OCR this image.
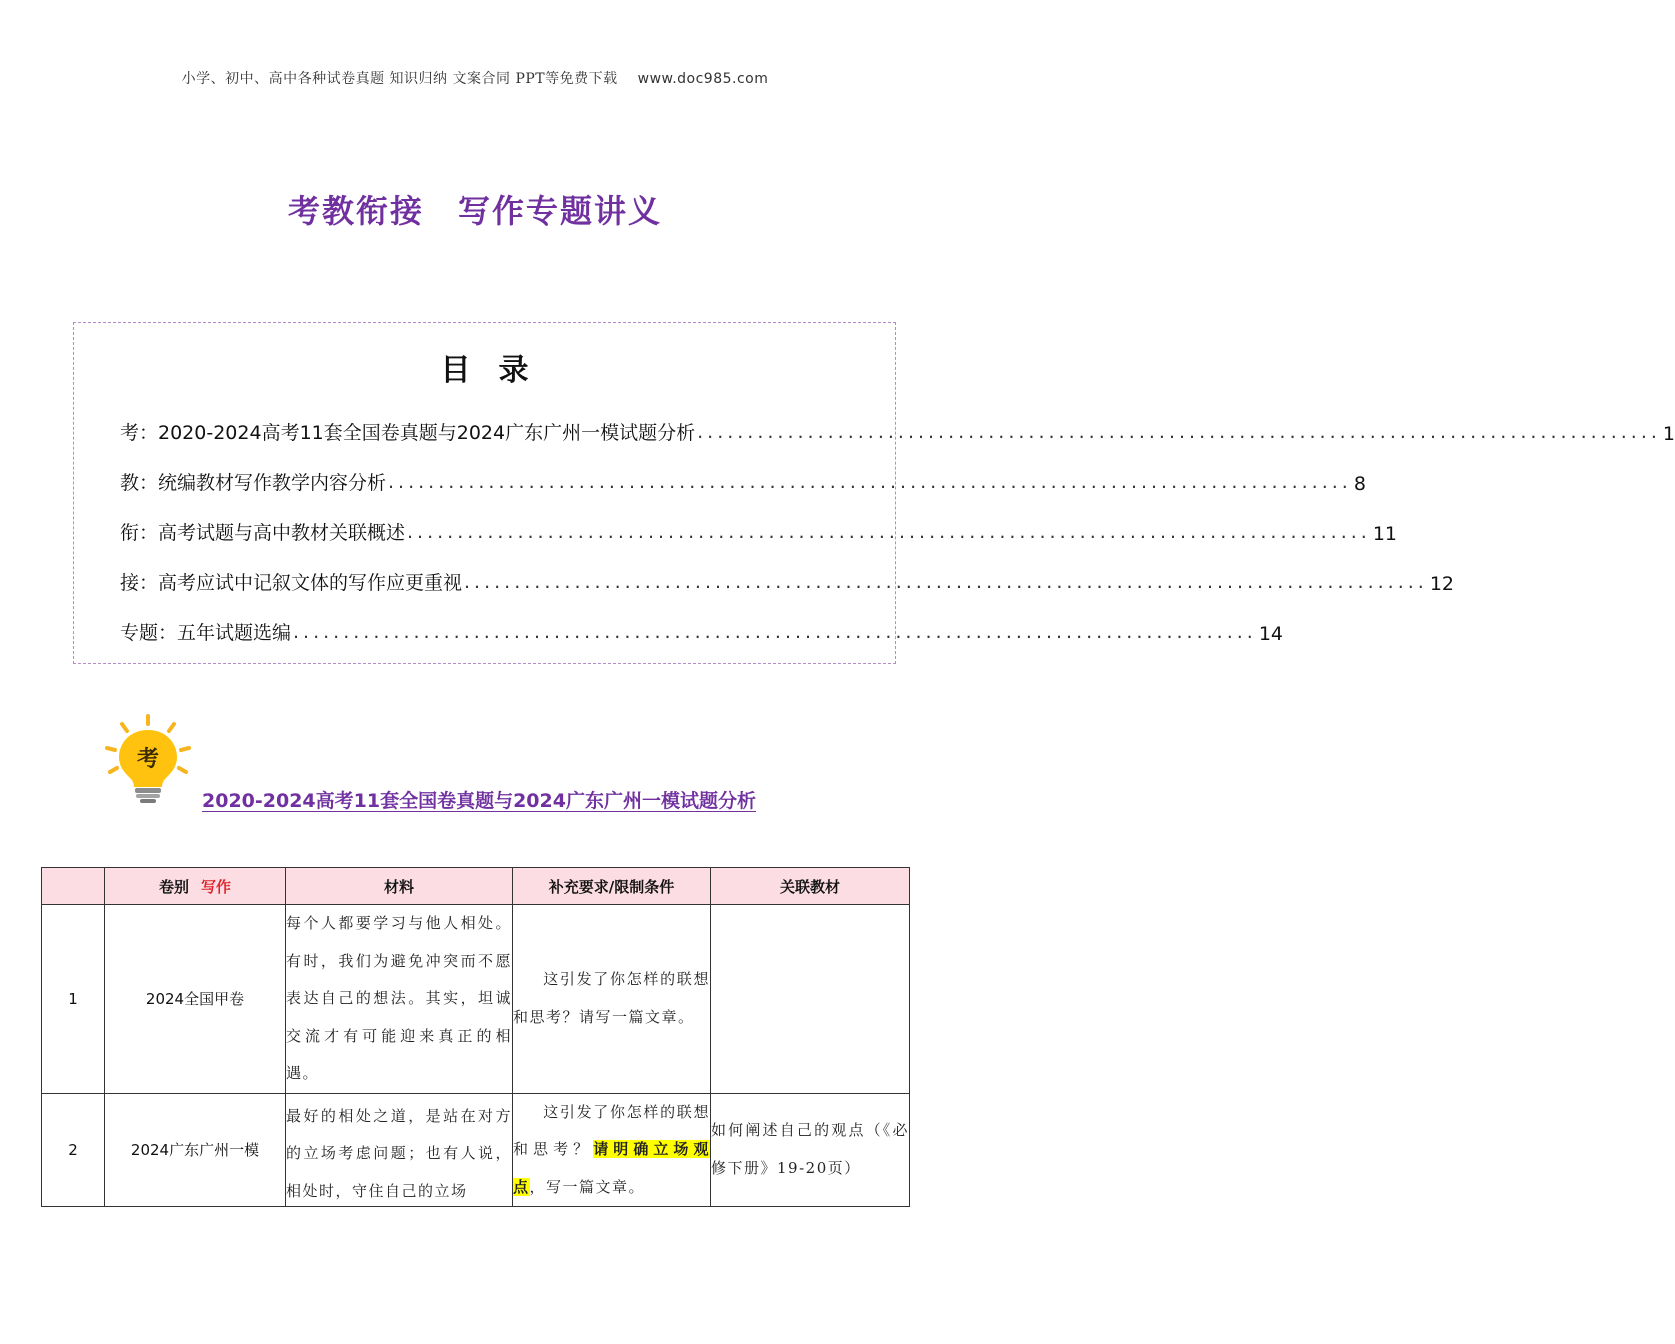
小学、初中、高中各种试卷真题 知识归纳 文案合同 PPT等免费下载 www.doc985.com
考教衔接 写作专题讲义
目录
考：2020-2024高考11套全国卷真题与2024广东广州一模试题分析 ................................................................................................ 1
教：统编教材写作教学内容分析 ................................................................................................ 8
衔：高考试题与高中教材关联概述 ................................................................................................ 11
接：高考应试中记叙文体的写作应更重视 ................................................................................................ 12
专题：五年试题选编 ................................................................................................ 14
考
2020-2024高考11套全国卷真题与2024广东广州一模试题分析
	卷别 写作	材料	补充要求/限制条件	关联教材
1	2024全国甲卷	每个人都要学习与他人相处。有时，我们为避免冲突而不愿表达自己的想法。其实，坦诚交流才有可能迎来真正的相遇。	这引发了你怎样的联想和思考？请写一篇文章。	
2	2024广东广州一模	最好的相处之道，是站在对方的立场考虑问题；也有人说，相处时，守住自己的立场	这引发了你怎样的联想和思考？请明确立场观点，写一篇文章。	如何阐述自己的观点（《必修下册》19-20页）
